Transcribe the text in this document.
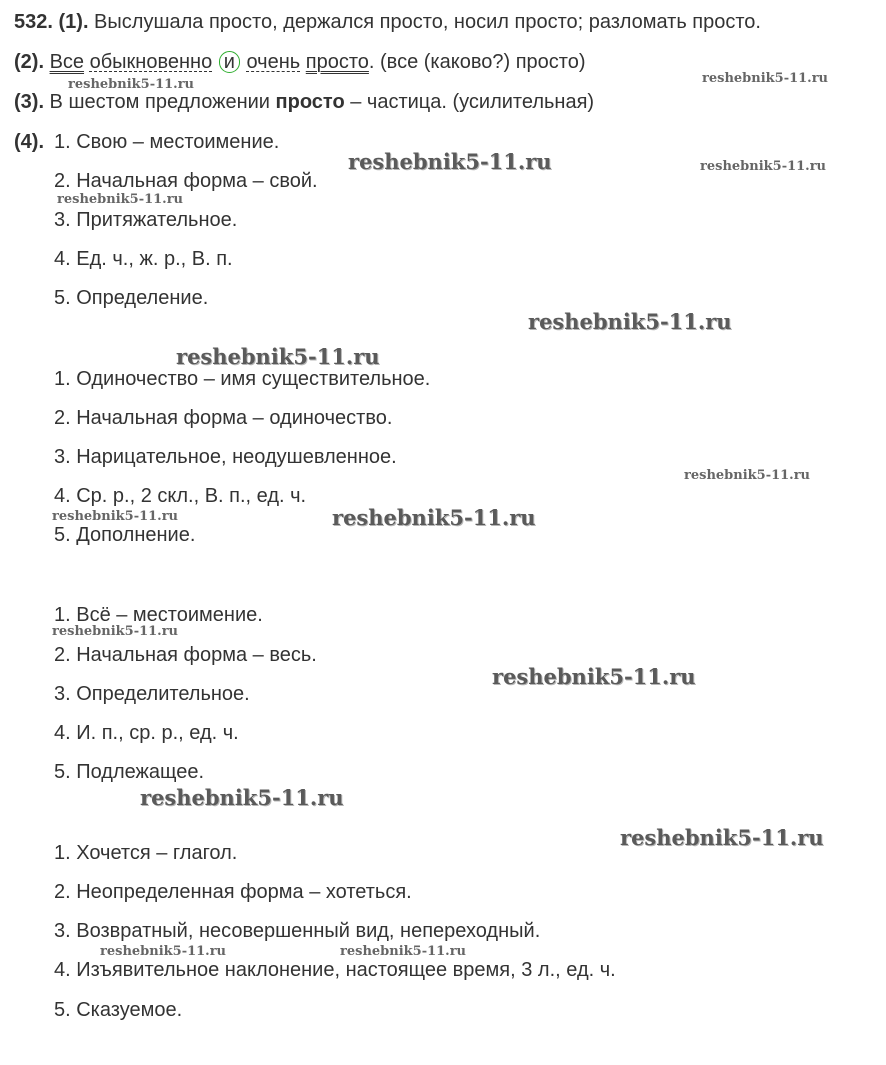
532. (1). Выслушала просто, держался просто, носил просто; разломать просто.
(2). Все обыкновенно и очень просто. (все (каково?) просто)
(3). В шестом предложении просто – частица. (усилительная)
(4). 1. Свою – местоимение.
2. Начальная форма – свой.
3. Притяжательное.
4. Ед. ч., ж. р., В. п.
5. Определение.
1. Одиночество – имя существительное.
2. Начальная форма – одиночество.
3. Нарицательное, неодушевленное.
4. Ср. р., 2 скл., В. п., ед. ч.
5. Дополнение.
1. Всё – местоимение.
2. Начальная форма – весь.
3. Определительное.
4. И. п., ср. р., ед. ч.
5. Подлежащее.
1. Хочется – глагол.
2. Неопределенная форма – хотеться.
3. Возвратный, несовершенный вид, непереходный.
4. Изъявительное наклонение, настоящее время, 3 л., ед. ч.
5. Сказуемое.
reshebnik5-11.ru
reshebnik5-11.ru
reshebnik5-11.ru	reshebnik5-11.ru
reshebnik5-11.ru
reshebnik5-11.ru
reshebnik5-11.ru
reshebnik5-11.ru
reshebnik5-11.ru
reshebnik5-11.ru
reshebnik5-11.ru
reshebnik5-11.ru
reshebnik5-11.ru
reshebnik5-11.ru
reshebnik5-11.ru	reshebnik5-11.ru
